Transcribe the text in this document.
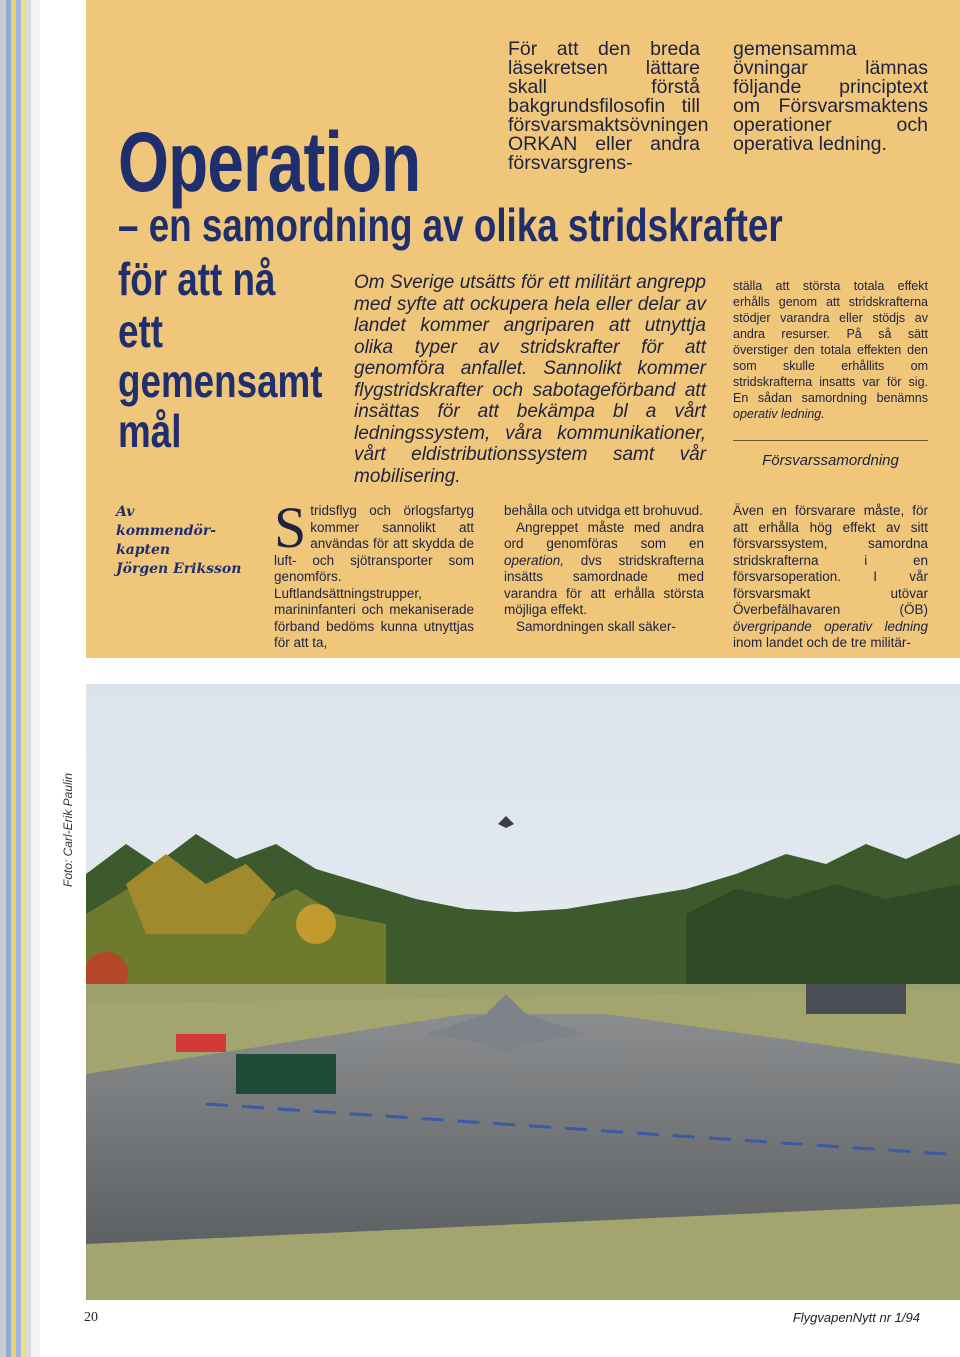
Operation
– en samordning av olika stridskrafter
för att nå
ett
gemensamt
mål
För att den breda läsekretsen lättare skall förstå bakgrundsfilosofin till försvarsmaktsövningen ORKAN eller andra försvarsgrens-
gemensamma övningar lämnas följande principtext om Försvarsmaktens operationer och operativa ledning.
Om Sverige utsätts för ett militärt angrepp med syfte att ockupera hela eller delar av landet kommer angriparen att utnyttja olika typer av stridskrafter för att genomföra anfallet. Sannolikt kommer flygstridskrafter och sabotageförband att insättas för att bekämpa bl a vårt ledningssystem, våra kommunikationer, vårt eldistributionssystem samt vår mobilisering.
ställa att största totala effekt erhålls genom att stridskrafterna stödjer varandra eller stödjs av andra resurser. På så sätt överstiger den totala effekten den som skulle erhållits om stridskrafterna insatts var för sig. En sådan samordning benämns operativ ledning.
Försvarssamordning
Av
kommendör-
kapten
Jörgen Eriksson
S tridsflyg och örlogsfartyg kommer sannolikt att användas för att skydda de luft- och sjötransporter som genomförs. Luftlandsättningstrupper, marininfanteri och mekaniserade förband bedöms kunna utnyttjas för att ta,
behålla och utvidga ett brohuvud.
Angreppet måste med andra ord genomföras som en operation, dvs stridskrafterna insätts samordnade med varandra för att erhålla största möjliga effekt.
Samordningen skall säker-
Även en försvarare måste, för att erhålla hög effekt av sitt försvarssystem, samordna stridskrafterna i en försvarsoperation. I vår försvarsmakt utövar Överbefälhavaren (ÖB) övergripande operativ ledning inom landet och de tre militär-
Foto: Carl-Erik Paulin
20	FlygvapenNytt nr 1/94
